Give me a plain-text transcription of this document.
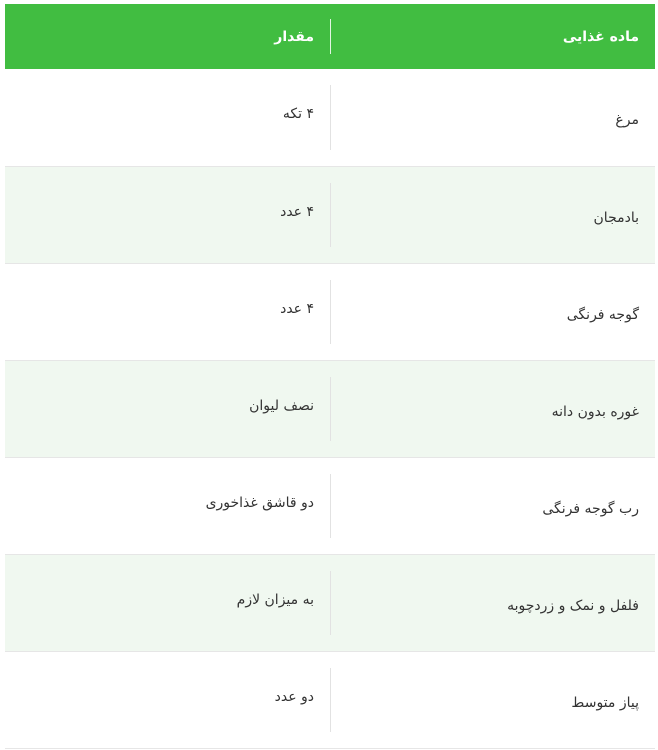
ماده غذایی	مقدار
مرغ	۴ تکه
بادمجان	۴ عدد
گوجه فرنگی	۴ عدد
غوره بدون دانه	نصف لیوان
رب گوجه فرنگی	دو قاشق غذاخوری
فلفل و نمک و زردچوبه	به میزان لازم
پیاز متوسط	دو عدد
